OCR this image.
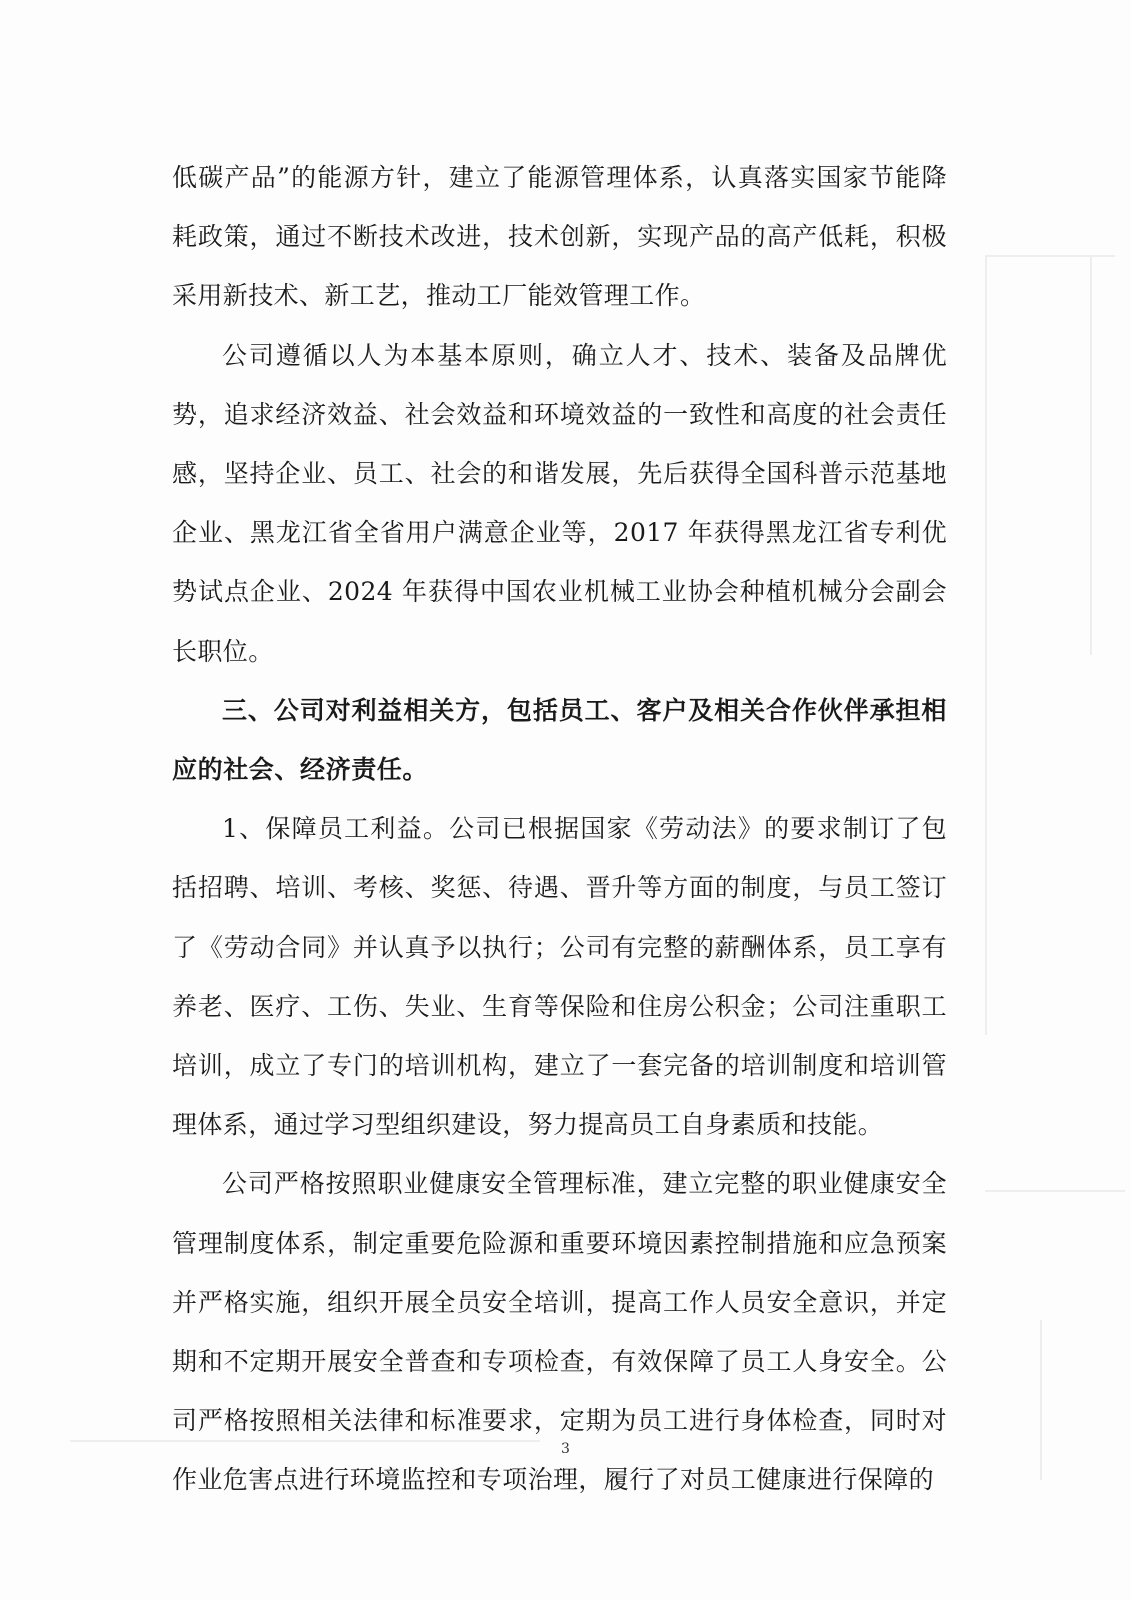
低碳产品”的能源方针，建立了能源管理体系，认真落实国家节能降耗政策，通过不断技术改进，技术创新，实现产品的高产低耗，积极采用新技术、新工艺，推动工厂能效管理工作。

公司遵循以人为本基本原则，确立人才、技术、装备及品牌优势，追求经济效益、社会效益和环境效益的一致性和高度的社会责任感，坚持企业、员工、社会的和谐发展，先后获得全国科普示范基地企业、黑龙江省全省用户满意企业等，2017 年获得黑龙江省专利优势试点企业、2024 年获得中国农业机械工业协会种植机械分会副会长职位。

三、公司对利益相关方，包括员工、客户及相关合作伙伴承担相应的社会、经济责任。

1、保障员工利益。公司已根据国家《劳动法》的要求制订了包括招聘、培训、考核、奖惩、待遇、晋升等方面的制度，与员工签订了《劳动合同》并认真予以执行；公司有完整的薪酬体系，员工享有养老、医疗、工伤、失业、生育等保险和住房公积金；公司注重职工培训，成立了专门的培训机构，建立了一套完备的培训制度和培训管理体系，通过学习型组织建设，努力提高员工自身素质和技能。

公司严格按照职业健康安全管理标准，建立完整的职业健康安全管理制度体系，制定重要危险源和重要环境因素控制措施和应急预案并严格实施，组织开展全员安全培训，提高工作人员安全意识，并定期和不定期开展安全普查和专项检查，有效保障了员工人身安全。公司严格按照相关法律和标准要求，定期为员工进行身体检查，同时对作业危害点进行环境监控和专项治理，履行了对员工健康进行保障的

3
